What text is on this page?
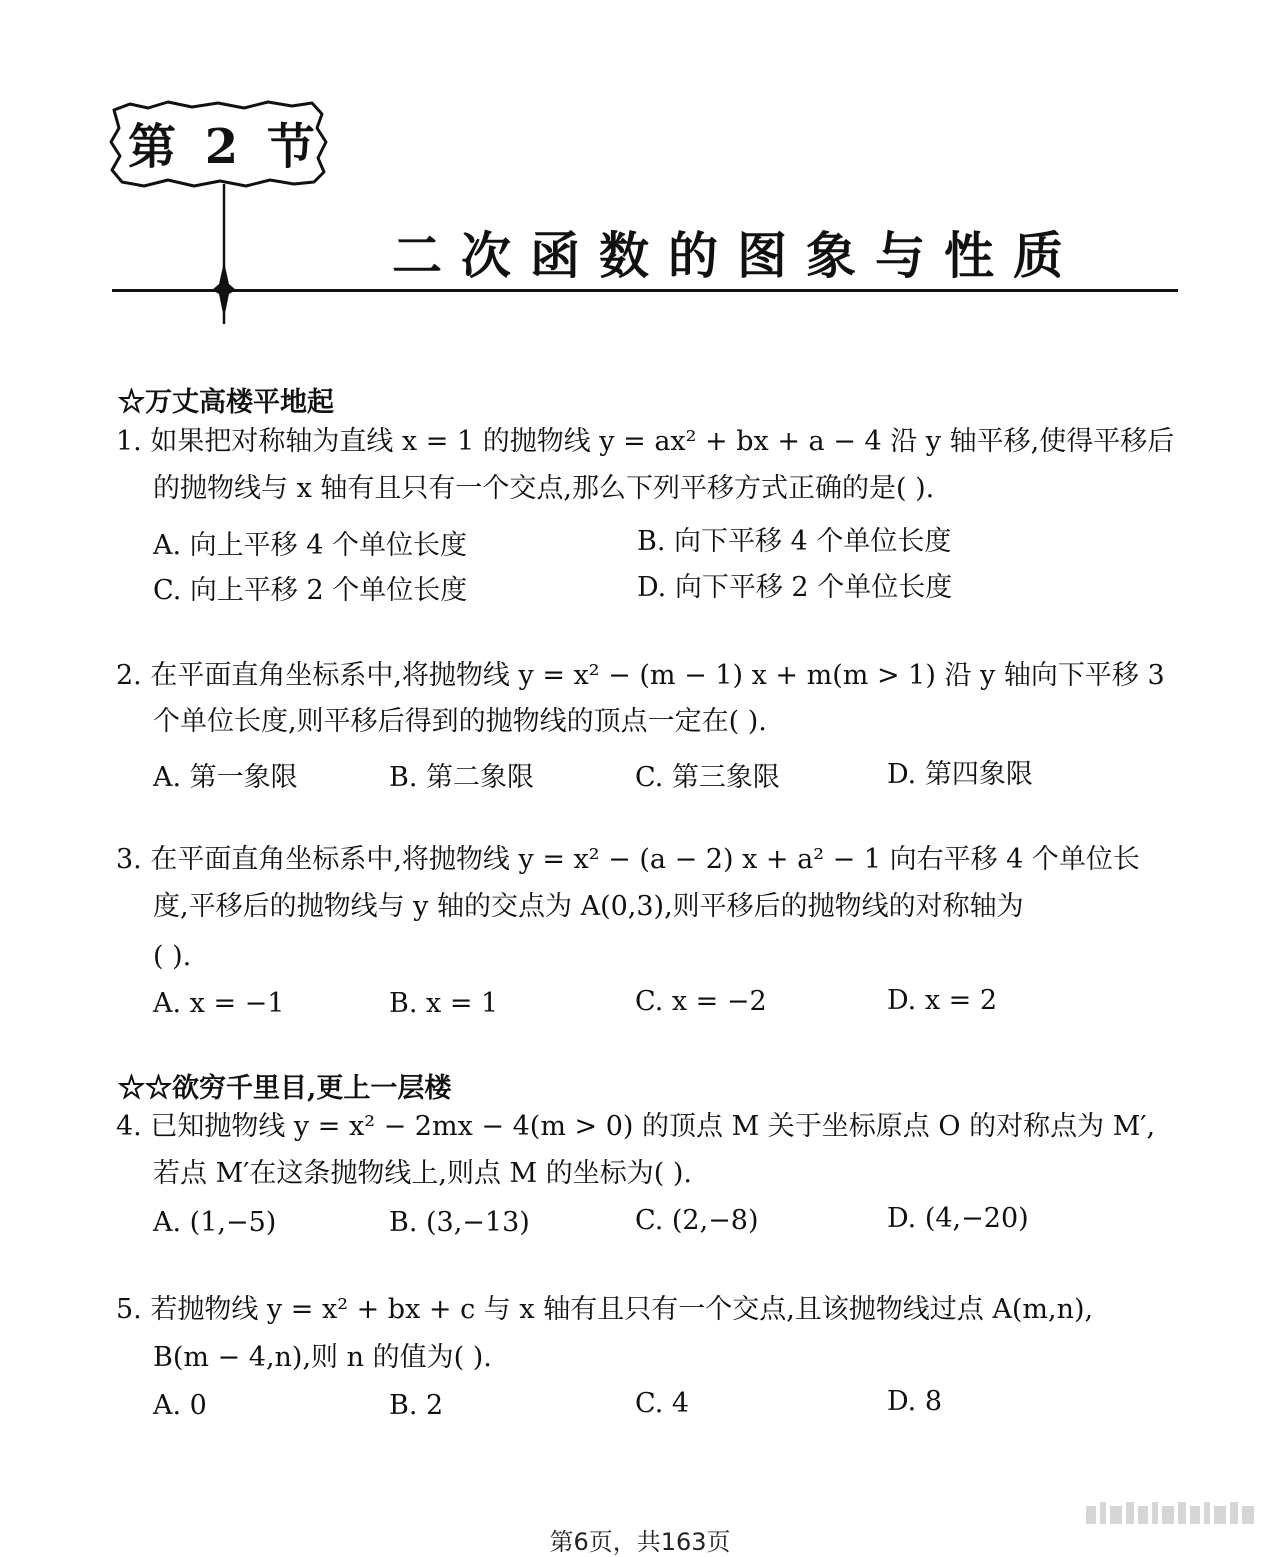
第 2 节
二次函数的图象与性质
☆万丈高楼平地起
1. 如果把对称轴为直线 x = 1 的抛物线 y = ax² + bx + a − 4 沿 y 轴平移,使得平移后
的抛物线与 x 轴有且只有一个交点,那么下列平移方式正确的是( ).
A. 向上平移 4 个单位长度	B. 向下平移 4 个单位长度
C. 向上平移 2 个单位长度	D. 向下平移 2 个单位长度
2. 在平面直角坐标系中,将抛物线 y = x² − (m − 1) x + m(m > 1) 沿 y 轴向下平移 3
个单位长度,则平移后得到的抛物线的顶点一定在( ).
A. 第一象限	B. 第二象限	C. 第三象限	D. 第四象限
3. 在平面直角坐标系中,将抛物线 y = x² − (a − 2) x + a² − 1 向右平移 4 个单位长
度,平移后的抛物线与 y 轴的交点为 A(0,3),则平移后的抛物线的对称轴为
( ).
A. x = −1	B. x = 1	C. x = −2	D. x = 2
☆☆欲穷千里目,更上一层楼
4. 已知抛物线 y = x² − 2mx − 4(m > 0) 的顶点 M 关于坐标原点 O 的对称点为 M′,
若点 M′在这条抛物线上,则点 M 的坐标为( ).
A. (1,−5)	B. (3,−13)	C. (2,−8)	D. (4,−20)
5. 若抛物线 y = x² + bx + c 与 x 轴有且只有一个交点,且该抛物线过点 A(m,n),
B(m − 4,n),则 n 的值为( ).
A. 0	B. 2	C. 4	D. 8
第6页，共163页
